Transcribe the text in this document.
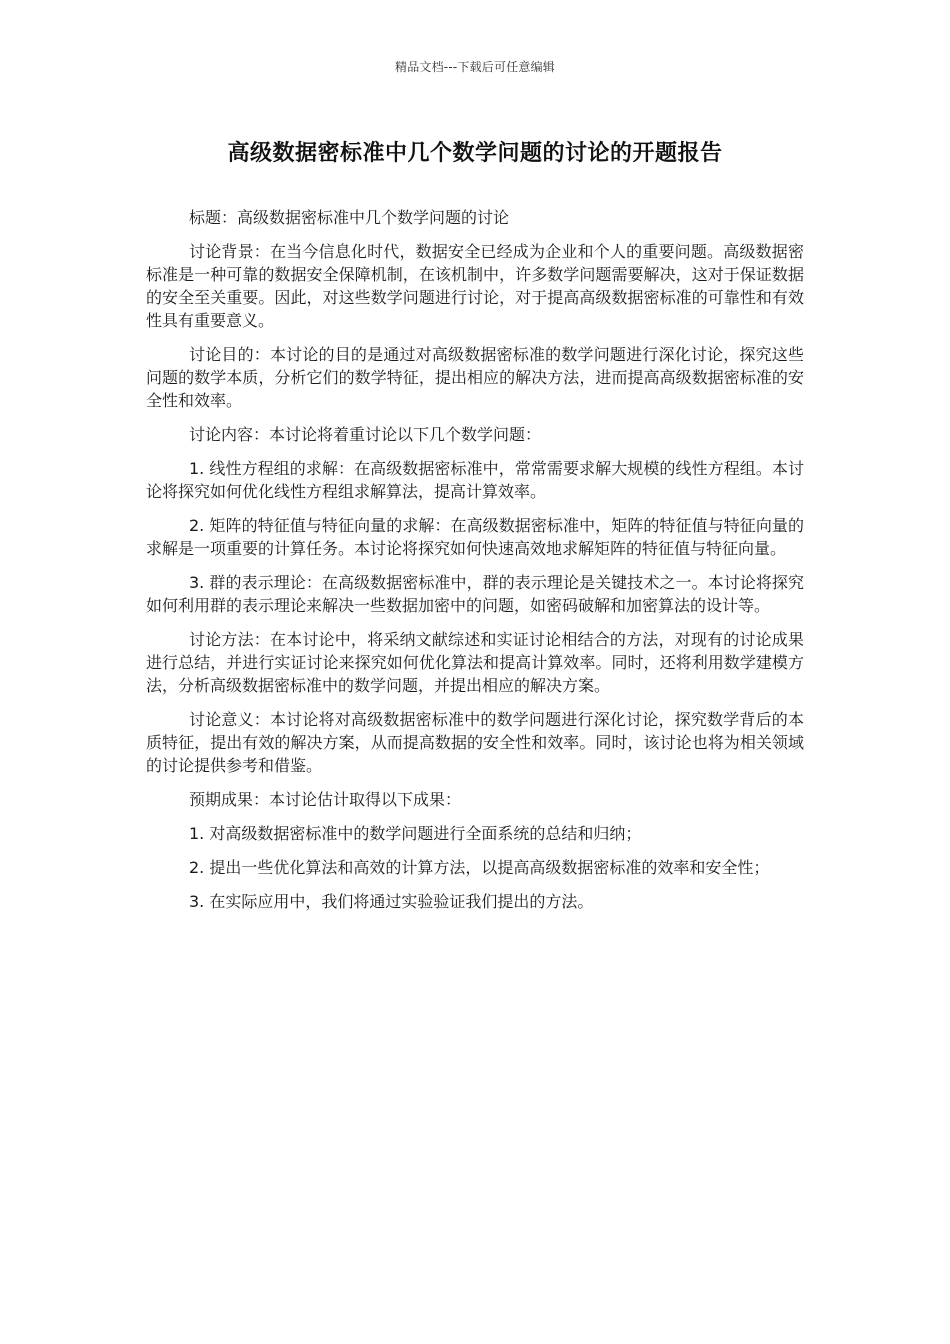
精品文档---下载后可任意编辑
高级数据密标准中几个数学问题的讨论的开题报告

标题：高级数据密标准中几个数学问题的讨论

讨论背景：在当今信息化时代，数据安全已经成为企业和个人的重要问题。高级数据密标准是一种可靠的数据安全保障机制，在该机制中，许多数学问题需要解决，这对于保证数据的安全至关重要。因此，对这些数学问题进行讨论，对于提高高级数据密标准的可靠性和有效性具有重要意义。

讨论目的：本讨论的目的是通过对高级数据密标准的数学问题进行深化讨论，探究这些问题的数学本质，分析它们的数学特征，提出相应的解决方法，进而提高高级数据密标准的安全性和效率。

讨论内容：本讨论将着重讨论以下几个数学问题：

1. 线性方程组的求解：在高级数据密标准中，常常需要求解大规模的线性方程组。本讨论将探究如何优化线性方程组求解算法，提高计算效率。

2. 矩阵的特征值与特征向量的求解：在高级数据密标准中，矩阵的特征值与特征向量的求解是一项重要的计算任务。本讨论将探究如何快速高效地求解矩阵的特征值与特征向量。

3. 群的表示理论：在高级数据密标准中，群的表示理论是关键技术之一。本讨论将探究如何利用群的表示理论来解决一些数据加密中的问题，如密码破解和加密算法的设计等。

讨论方法：在本讨论中，将采纳文献综述和实证讨论相结合的方法，对现有的讨论成果进行总结，并进行实证讨论来探究如何优化算法和提高计算效率。同时，还将利用数学建模方法，分析高级数据密标准中的数学问题，并提出相应的解决方案。

讨论意义：本讨论将对高级数据密标准中的数学问题进行深化讨论，探究数学背后的本质特征，提出有效的解决方案，从而提高数据的安全性和效率。同时，该讨论也将为相关领域的讨论提供参考和借鉴。

预期成果：本讨论估计取得以下成果：

1. 对高级数据密标准中的数学问题进行全面系统的总结和归纳；

2. 提出一些优化算法和高效的计算方法，以提高高级数据密标准的效率和安全性；

3. 在实际应用中，我们将通过实验验证我们提出的方法。
